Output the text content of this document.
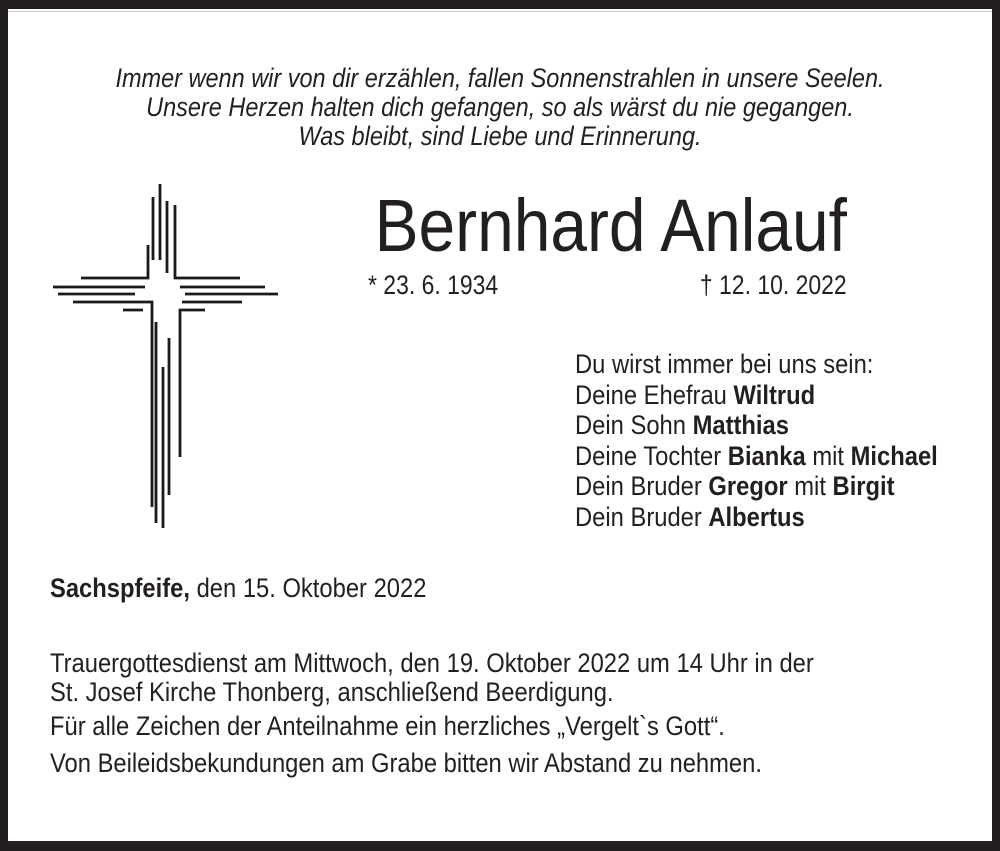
Immer wenn wir von dir erzählen, fallen Sonnenstrahlen in unsere Seelen.
Unsere Herzen halten dich gefangen, so als wärst du nie gegangen.
Was bleibt, sind Liebe und Erinnerung.
Bernhard Anlauf
* 23. 6. 1934	† 12. 10. 2022
Du wirst immer bei uns sein:
Deine Ehefrau Wiltrud
Dein Sohn Matthias
Deine Tochter Bianka mit Michael
Dein Bruder Gregor mit Birgit
Dein Bruder Albertus
Sachspfeife, den 15. Oktober 2022
Trauergottesdienst am Mittwoch, den 19. Oktober 2022 um 14 Uhr in der
St. Josef Kirche Thonberg, anschließend Beerdigung.
Für alle Zeichen der Anteilnahme ein herzliches „Vergelt`s Gott“.
Von Beileidsbekundungen am Grabe bitten wir Abstand zu nehmen.
